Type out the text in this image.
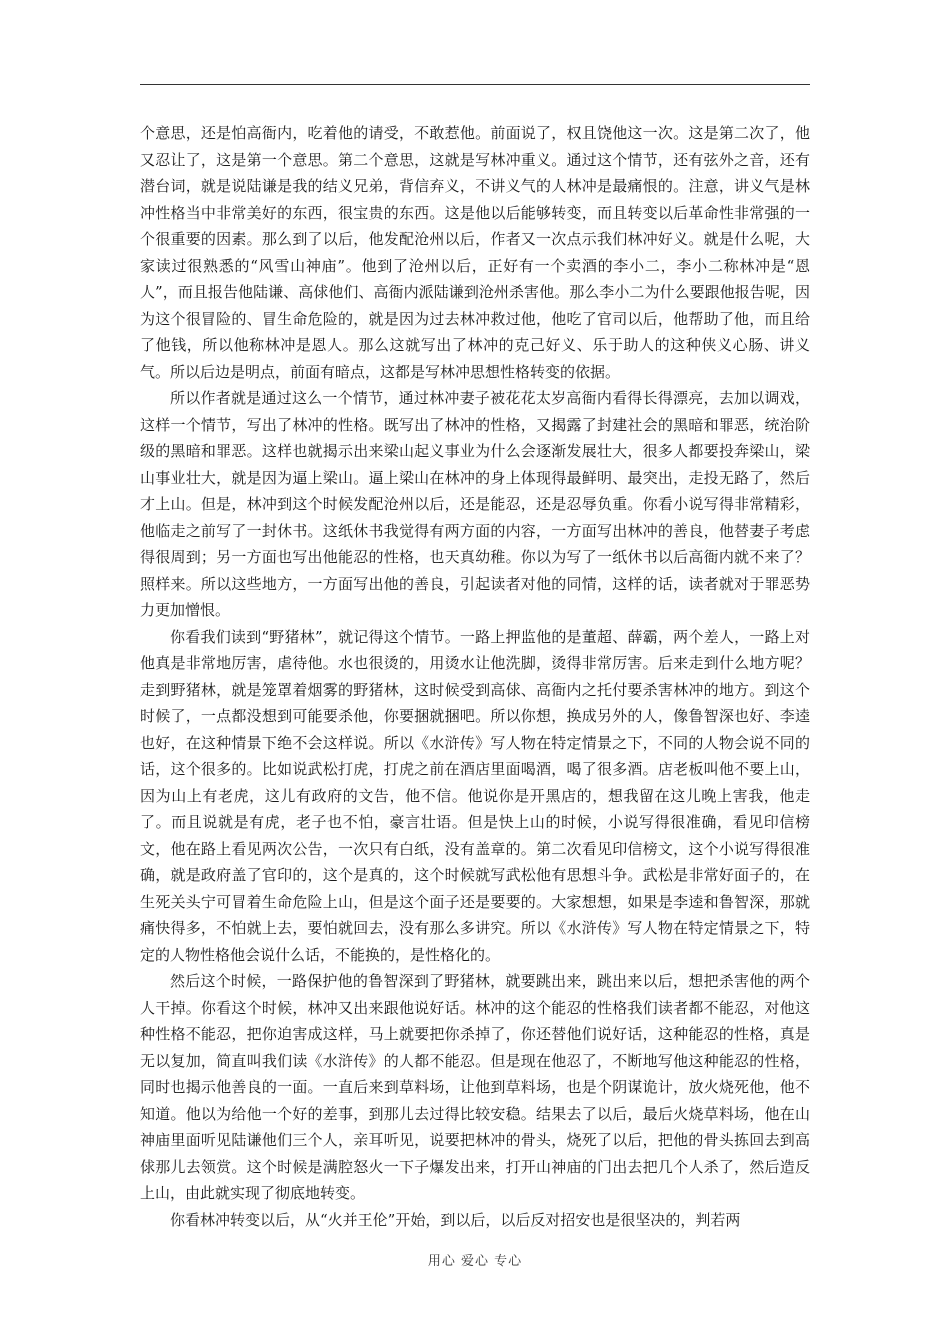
个意思，还是怕高衙内，吃着他的请受，不敢惹他。前面说了，权且饶他这一次。这是第二次了，他又忍让了，这是第一个意思。第二个意思，这就是写林冲重义。通过这个情节，还有弦外之音，还有潜台词，就是说陆谦是我的结义兄弟，背信弃义，不讲义气的人林冲是最痛恨的。注意，讲义气是林冲性格当中非常美好的东西，很宝贵的东西。这是他以后能够转变，而且转变以后革命性非常强的一个很重要的因素。那么到了以后，他发配沧州以后，作者又一次点示我们林冲好义。就是什么呢，大家读过很熟悉的“风雪山神庙”。他到了沧州以后，正好有一个卖酒的李小二，李小二称林冲是“恩人”，而且报告他陆谦、高俅他们、高衙内派陆谦到沧州杀害他。那么李小二为什么要跟他报告呢，因为这个很冒险的、冒生命危险的，就是因为过去林冲救过他，他吃了官司以后，他帮助了他，而且给了他钱，所以他称林冲是恩人。那么这就写出了林冲的克己好义、乐于助人的这种侠义心肠、讲义气。所以后边是明点，前面有暗点，这都是写林冲思想性格转变的依据。

所以作者就是通过这么一个情节，通过林冲妻子被花花太岁高衙内看得长得漂亮，去加以调戏，这样一个情节，写出了林冲的性格。既写出了林冲的性格，又揭露了封建社会的黑暗和罪恶，统治阶级的黑暗和罪恶。这样也就揭示出来梁山起义事业为什么会逐渐发展壮大，很多人都要投奔梁山，梁山事业壮大，就是因为逼上梁山。逼上梁山在林冲的身上体现得最鲜明、最突出，走投无路了，然后才上山。但是，林冲到这个时候发配沧州以后，还是能忍，还是忍辱负重。你看小说写得非常精彩，他临走之前写了一封休书。这纸休书我觉得有两方面的内容，一方面写出林冲的善良，他替妻子考虑得很周到；另一方面也写出他能忍的性格，也天真幼稚。你以为写了一纸休书以后高衙内就不来了？照样来。所以这些地方，一方面写出他的善良，引起读者对他的同情，这样的话，读者就对于罪恶势力更加憎恨。

你看我们读到“野猪林”，就记得这个情节。一路上押监他的是董超、薛霸，两个差人，一路上对他真是非常地厉害，虐待他。水也很烫的，用烫水让他洗脚，烫得非常厉害。后来走到什么地方呢？走到野猪林，就是笼罩着烟雾的野猪林，这时候受到高俅、高衙内之托付要杀害林冲的地方。到这个时候了，一点都没想到可能要杀他，你要捆就捆吧。所以你想，换成另外的人，像鲁智深也好、李逵也好，在这种情景下绝不会这样说。所以《水浒传》写人物在特定情景之下，不同的人物会说不同的话，这个很多的。比如说武松打虎，打虎之前在酒店里面喝酒，喝了很多酒。店老板叫他不要上山，因为山上有老虎，这儿有政府的文告，他不信。他说你是开黑店的，想我留在这儿晚上害我，他走了。而且说就是有虎，老子也不怕，豪言壮语。但是快上山的时候，小说写得很准确，看见印信榜文，他在路上看见两次公告，一次只有白纸，没有盖章的。第二次看见印信榜文，这个小说写得很准确，就是政府盖了官印的，这个是真的，这个时候就写武松他有思想斗争。武松是非常好面子的，在生死关头宁可冒着生命危险上山，但是这个面子还是要要的。大家想想，如果是李逵和鲁智深，那就痛快得多，不怕就上去，要怕就回去，没有那么多讲究。所以《水浒传》写人物在特定情景之下，特定的人物性格他会说什么话，不能换的，是性格化的。

然后这个时候，一路保护他的鲁智深到了野猪林，就要跳出来，跳出来以后，想把杀害他的两个人干掉。你看这个时候，林冲又出来跟他说好话。林冲的这个能忍的性格我们读者都不能忍，对他这种性格不能忍，把你迫害成这样，马上就要把你杀掉了，你还替他们说好话，这种能忍的性格，真是无以复加，简直叫我们读《水浒传》的人都不能忍。但是现在他忍了，不断地写他这种能忍的性格，同时也揭示他善良的一面。一直后来到草料场，让他到草料场，也是个阴谋诡计，放火烧死他，他不知道。他以为给他一个好的差事，到那儿去过得比较安稳。结果去了以后，最后火烧草料场，他在山神庙里面听见陆谦他们三个人，亲耳听见，说要把林冲的骨头，烧死了以后，把他的骨头拣回去到高俅那儿去领赏。这个时候是满腔怒火一下子爆发出来，打开山神庙的门出去把几个人杀了，然后造反上山，由此就实现了彻底地转变。

你看林冲转变以后，从“火并王伦”开始，到以后，以后反对招安也是很坚决的，判若两

用心 爱心 专心
